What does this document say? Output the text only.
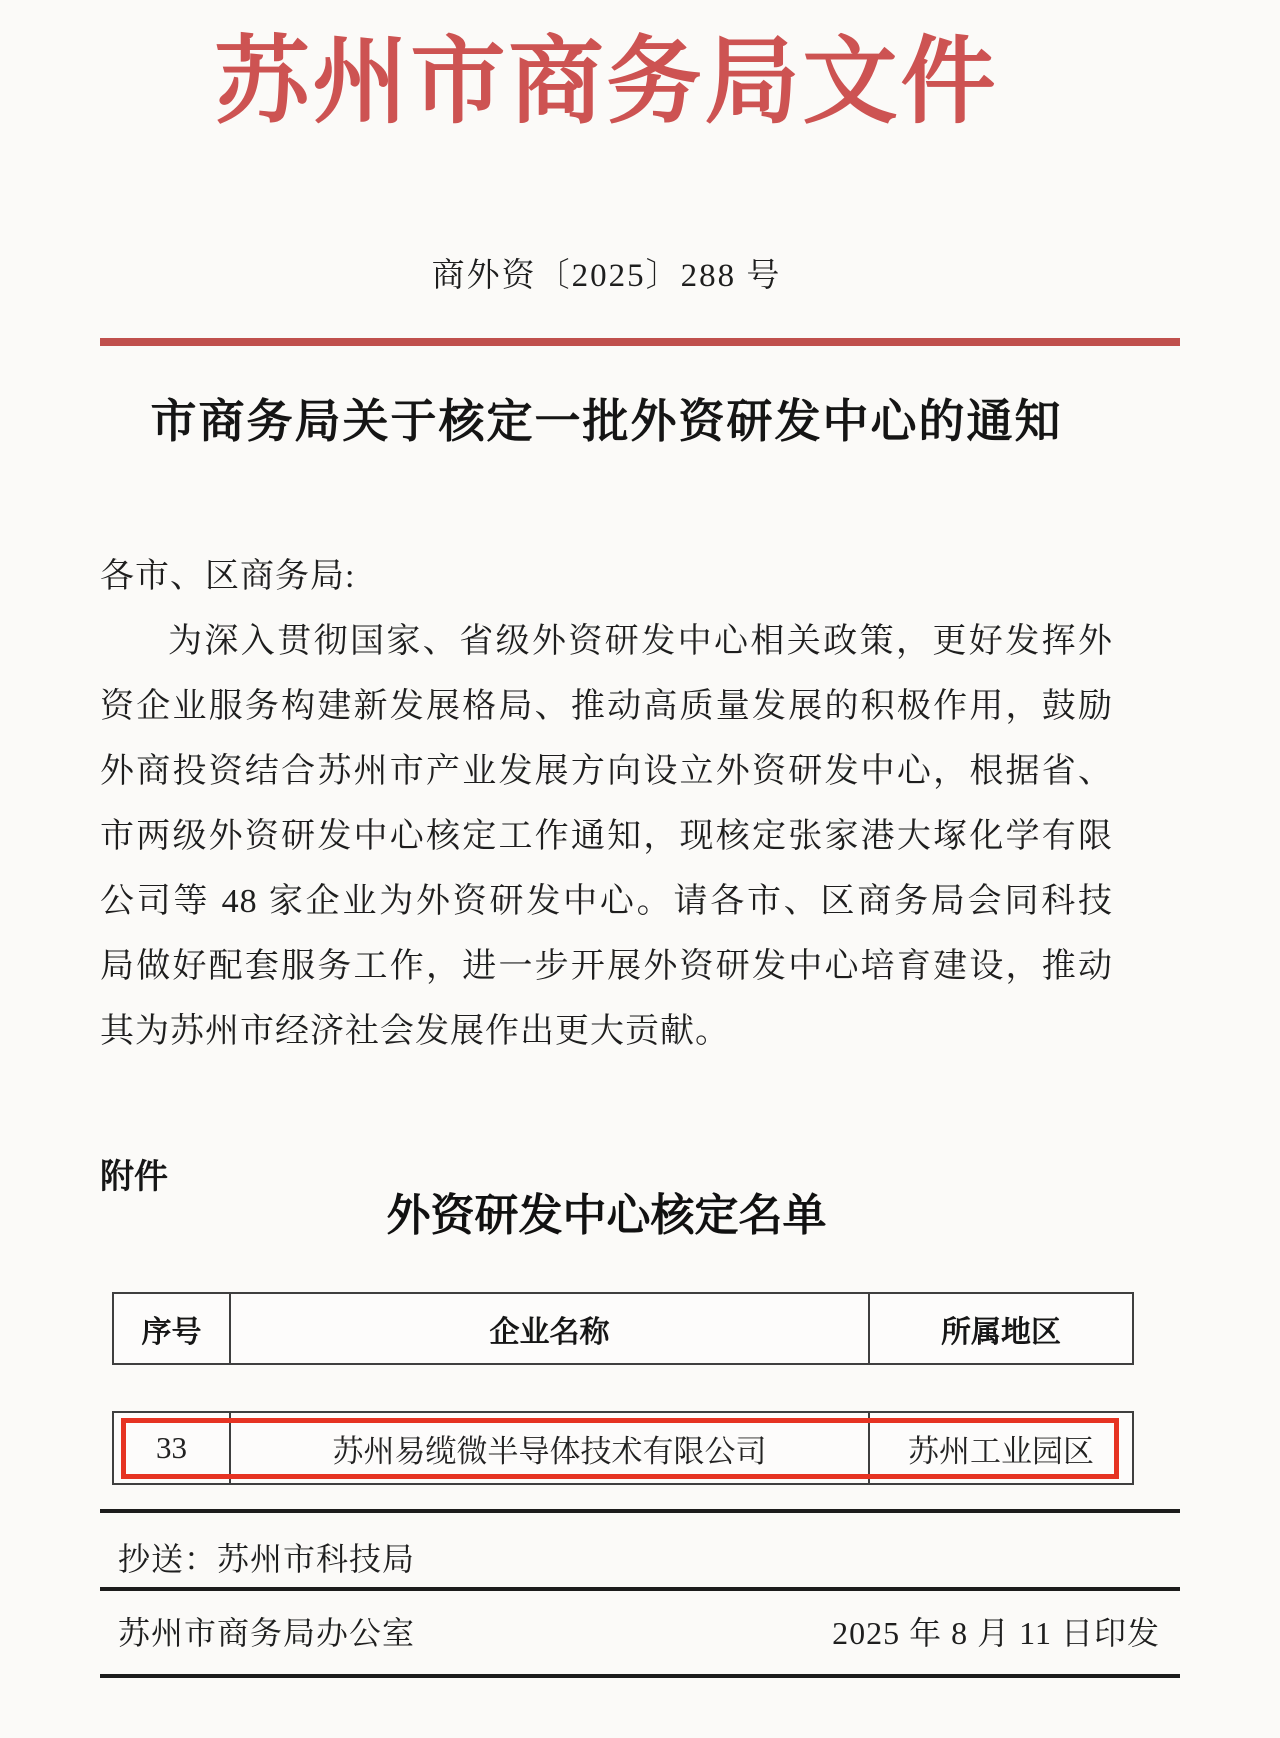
苏州市商务局文件
商外资〔2025〕288 号
市商务局关于核定一批外资研发中心的通知
各市、区商务局:
为深入贯彻国家、省级外资研发中心相关政策，更好发挥外
资企业服务构建新发展格局、推动高质量发展的积极作用，鼓励
外商投资结合苏州市产业发展方向设立外资研发中心，根据省、
市两级外资研发中心核定工作通知，现核定张家港大塚化学有限
公司等 48 家企业为外资研发中心。请各市、区商务局会同科技
局做好配套服务工作，进一步开展外资研发中心培育建设，推动
其为苏州市经济社会发展作出更大贡献。
附件
外资研发中心核定名单
序号	企业名称	所属地区
33	苏州易缆微半导体技术有限公司	苏州工业园区
抄送：苏州市科技局
苏州市商务局办公室	2025 年 8 月 11 日印发
